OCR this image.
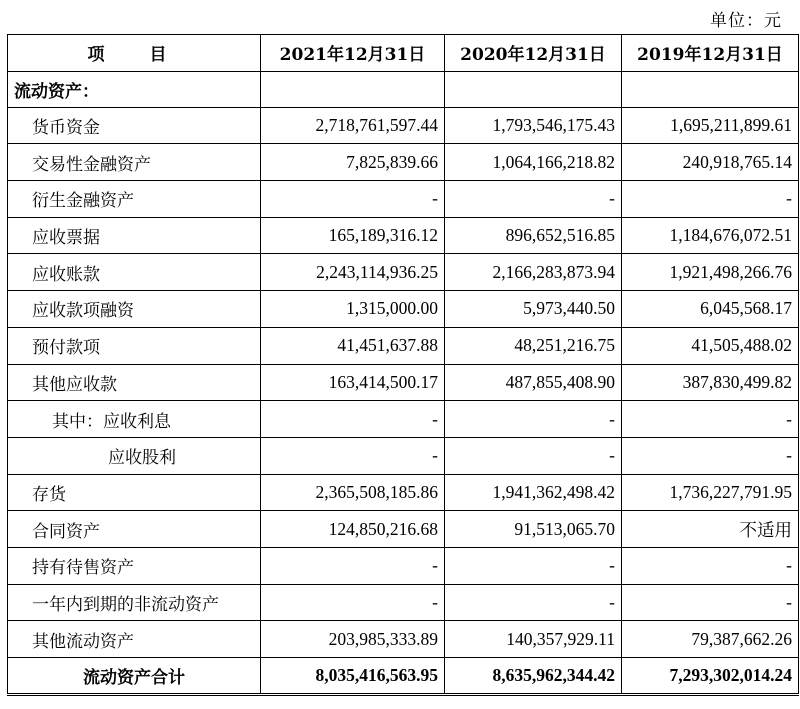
单位：元
项　目	2021年12月31日	2020年12月31日	2019年12月31日
流动资产：			
货币资金	2,718,761,597.44	1,793,546,175.43	1,695,211,899.61
交易性金融资产	7,825,839.66	1,064,166,218.82	240,918,765.14
衍生金融资产	-	-	-
应收票据	165,189,316.12	896,652,516.85	1,184,676,072.51
应收账款	2,243,114,936.25	2,166,283,873.94	1,921,498,266.76
应收款项融资	1,315,000.00	5,973,440.50	6,045,568.17
预付款项	41,451,637.88	48,251,216.75	41,505,488.02
其他应收款	163,414,500.17	487,855,408.90	387,830,499.82
其中：应收利息	-	-	-
应收股利	-	-	-
存货	2,365,508,185.86	1,941,362,498.42	1,736,227,791.95
合同资产	124,850,216.68	91,513,065.70	不适用
持有待售资产	-	-	-
一年内到期的非流动资产	-	-	-
其他流动资产	203,985,333.89	140,357,929.11	79,387,662.26
流动资产合计	8,035,416,563.95	8,635,962,344.42	7,293,302,014.24
